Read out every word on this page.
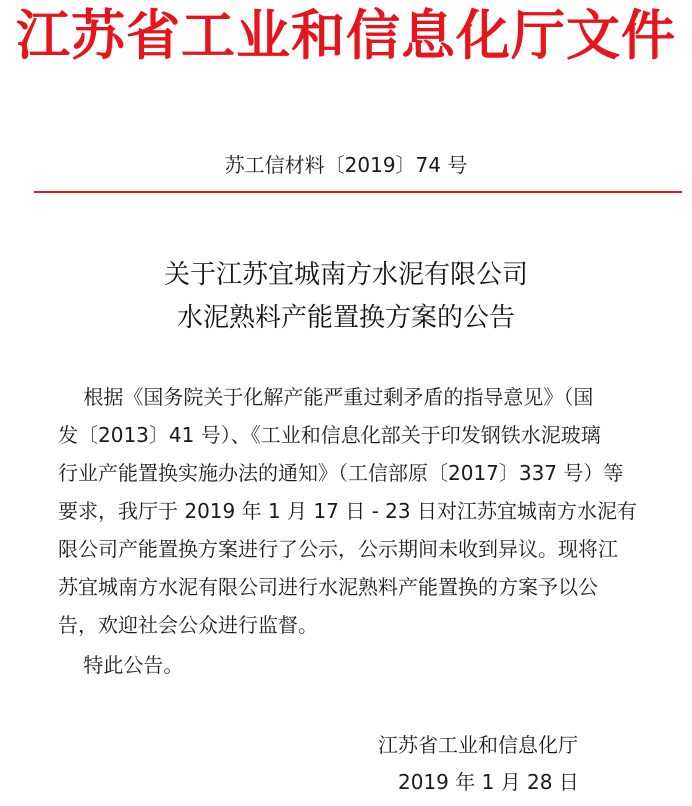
江苏省工业和信息化厅文件
苏工信材料〔2019〕74 号
关于江苏宜城南方水泥有限公司
水泥熟料产能置换方案的公告
根据《国务院关于化解产能严重过剩矛盾的指导意见》（国
发〔2013〕41 号）、《工业和信息化部关于印发钢铁水泥玻璃
行业产能置换实施办法的通知》（工信部原〔2017〕337 号）等
要求，我厅于 2019 年 1 月 17 日 - 23 日对江苏宜城南方水泥有
限公司产能置换方案进行了公示，公示期间未收到异议。现将江
苏宜城南方水泥有限公司进行水泥熟料产能置换的方案予以公
告，欢迎社会公众进行监督。
特此公告。
江苏省工业和信息化厅
2019 年 1 月 28 日
